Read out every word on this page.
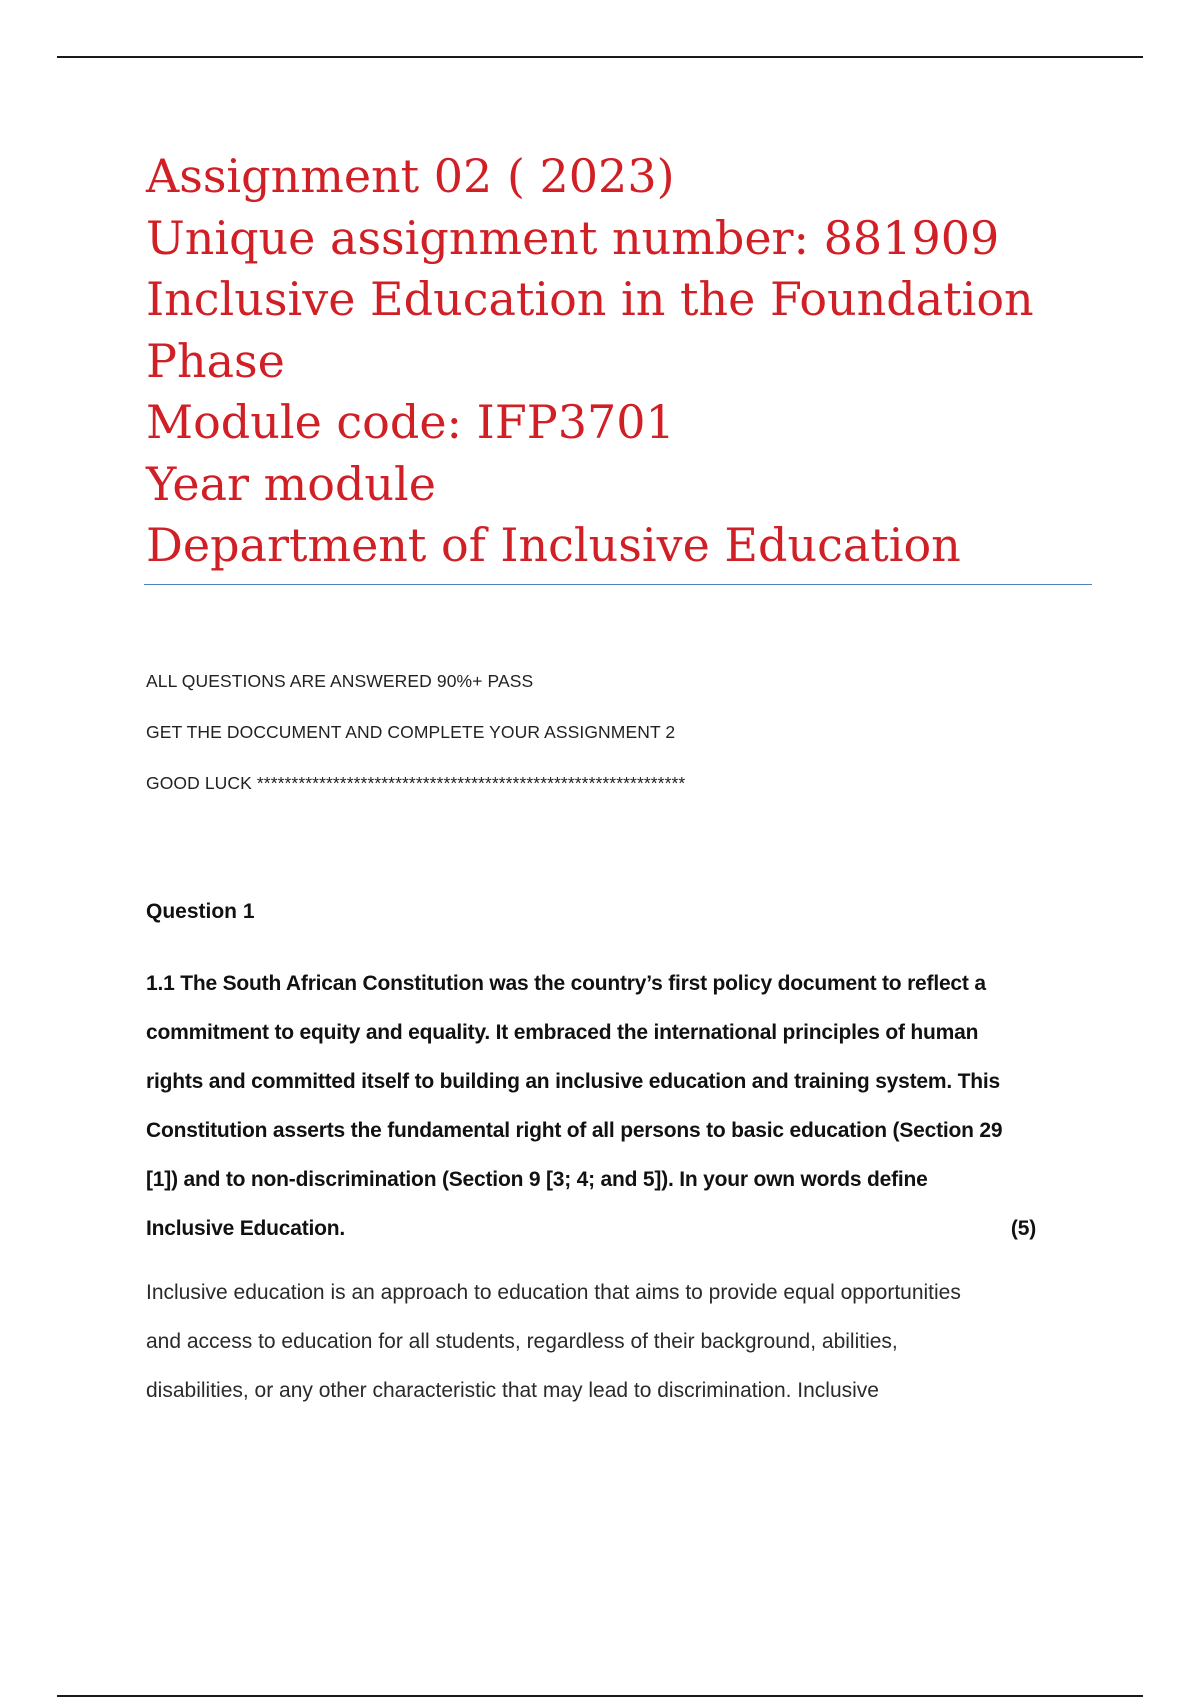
Assignment 02 ( 2023)
Unique assignment number: 881909
Inclusive Education in the Foundation
Phase
Module code: IFP3701
Year module
Department of Inclusive Education
ALL QUESTIONS ARE ANSWERED 90%+ PASS
GET THE DOCCUMENT AND COMPLETE YOUR ASSIGNMENT 2
GOOD LUCK **************************************************************
Question 1
1.1 The South African Constitution was the country’s first policy document to reflect a
commitment to equity and equality. It embraced the international principles of human
rights and committed itself to building an inclusive education and training system. This
Constitution asserts the fundamental right of all persons to basic education (Section 29
[1]) and to non-discrimination (Section 9 [3; 4; and 5]). In your own words define
Inclusive Education.	(5)
Inclusive education is an approach to education that aims to provide equal opportunities
and access to education for all students, regardless of their background, abilities,
disabilities, or any other characteristic that may lead to discrimination. Inclusive
